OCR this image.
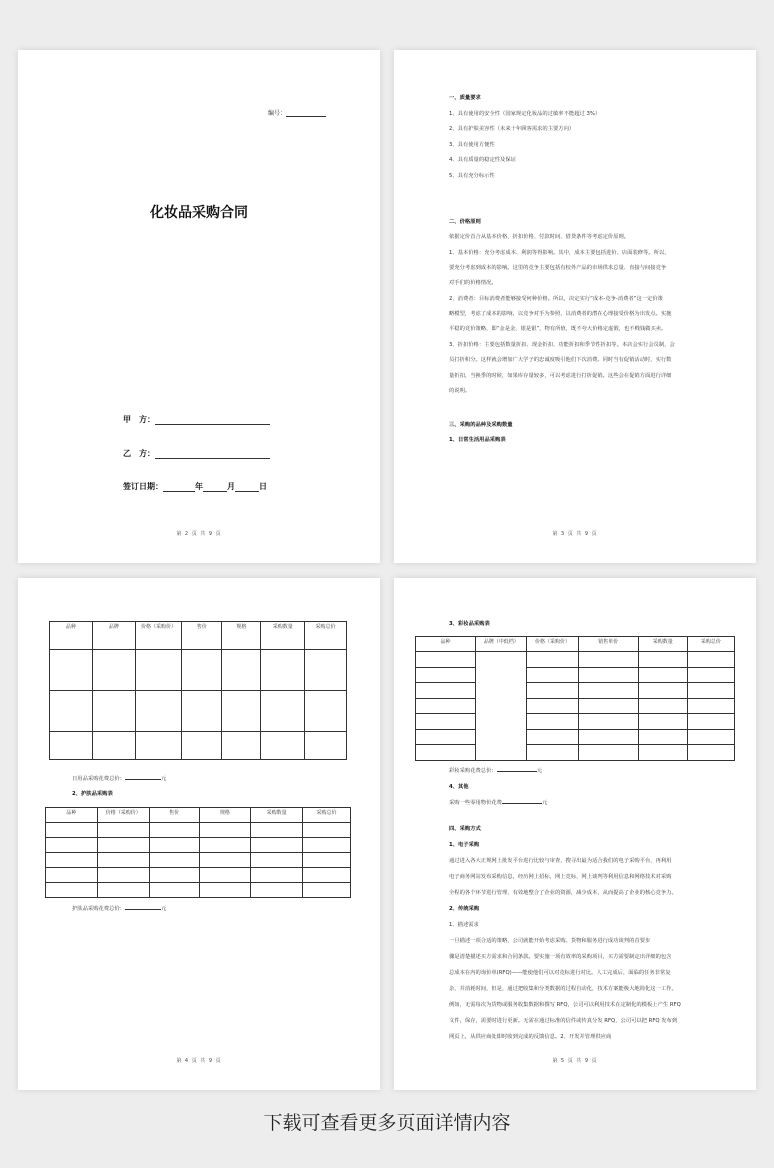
编号：
化妆品采购合同
甲　方：
乙　方：
签订日期：	年	月	日
第 2 页 共 9 页
一、质量要求
1、具有使用的安全性（国家规定化妆品的过敏率不能超过 3%）
2、具有护肤美容性（未来十年顾客需求的主要方向）
3、具有使用方便性
4、具有质量的稳定性及保证
5、具有充分标示性
二、价格原则
依据定价首合从基本价格、折扣价格、付款时间、借贷条件等考虑定价原则。
1、基本价格：充分考虑成本、利润等得影响。其中，成本主要包括进价、店面装修等。所以，
要充分考虑到成本的影响。这里的竞争主要包括有校外产品的市场供求总量、直接与间接竞争
对手们的价格情况。
2、消费者：目标消费者能够接受何种价格。所以，决定实行“成本-竞争-消费者”这一定价策
略模型，考虑了成本的影响，以竞争对手为参照，以消费者的潜在心理接受价格为出发点。实施
平稳的竞价策略，即“金是金，银是银”，物有所值，既不夸大价格定虚假，也不贱钱做买卖。
3、折扣价格：主要包括数量折扣、现金折扣、功能折扣和季节性折扣等。本店会实行会员制，会
员打折积分。这样就会增加广大学子的忠诚度吸引他们下次消费。同时当有促销活动时，实行数
量折扣，当换季的时候，如果库存量较多，可以考虑进行打折促销。这些会在促销方面进行详细
的说明。
三、采购的品种及采购数量
1、日常生活用品采购表
第 3 页 共 9 页
品种	品牌	价格（采购价）	售价	规格	采购数量	采购总价

日用品采购花费总价：	元
2、护肤品采购表
品种	价格（采购价）	售价	规格	采购数量	采购总价

护肤品采购花费总价：	元
第 4 页 共 9 页
3、彩妆品采购表
品种	品牌（中低档）	价格（采购价）	销售单价	采购数量	采购总价

彩妆采购花费总价：	元
4、其他
采购一些零用物价花费	元
四、采购方式
1、电子采购
通过进入各大正规网上批发平台进行比较与审查，搜寻出最为适合我们的电子采购平台，再利用
电子商务网站发布采购信息，经历网上招标，网上竞标，网上谈判等利用信息和网络技术对采购
全程的各个环节进行管理，有效地整合了企业的资源，减少成本，从而提高了企业的核心竞争力。
2、传统采购
1、描述需求
一旦描述一项合适的策略，公司就能开始考虑采购。货物和服务进行成功谈判的首要步
骤是清楚描述买方需求和合同条款。要实施一项有效率的采购项目，买方需要制定出详细的包含
总成本在内的询价单(RFQ)——能使他们可以对竞标进行对比。人工完成后，面临的任务非常复
杂，并消耗时间，但是，通过把收集和分类数据的过程自动化，技术方案能极大地简化这一工作。
例如，无需每次为货物或服务收集数据和撰写 RFQ，公司可以利用技术在定制化的模板上产生 RFQ
文件，保存，需要时进行更新。无需在通过标准的信件或传真分发 RFQ，公司可以把 RFQ 发布到
网页上，从供应商处即时收到完成的反馈信息。2、开发并管理供应商
第 5 页 共 9 页
下载可查看更多页面详情内容
